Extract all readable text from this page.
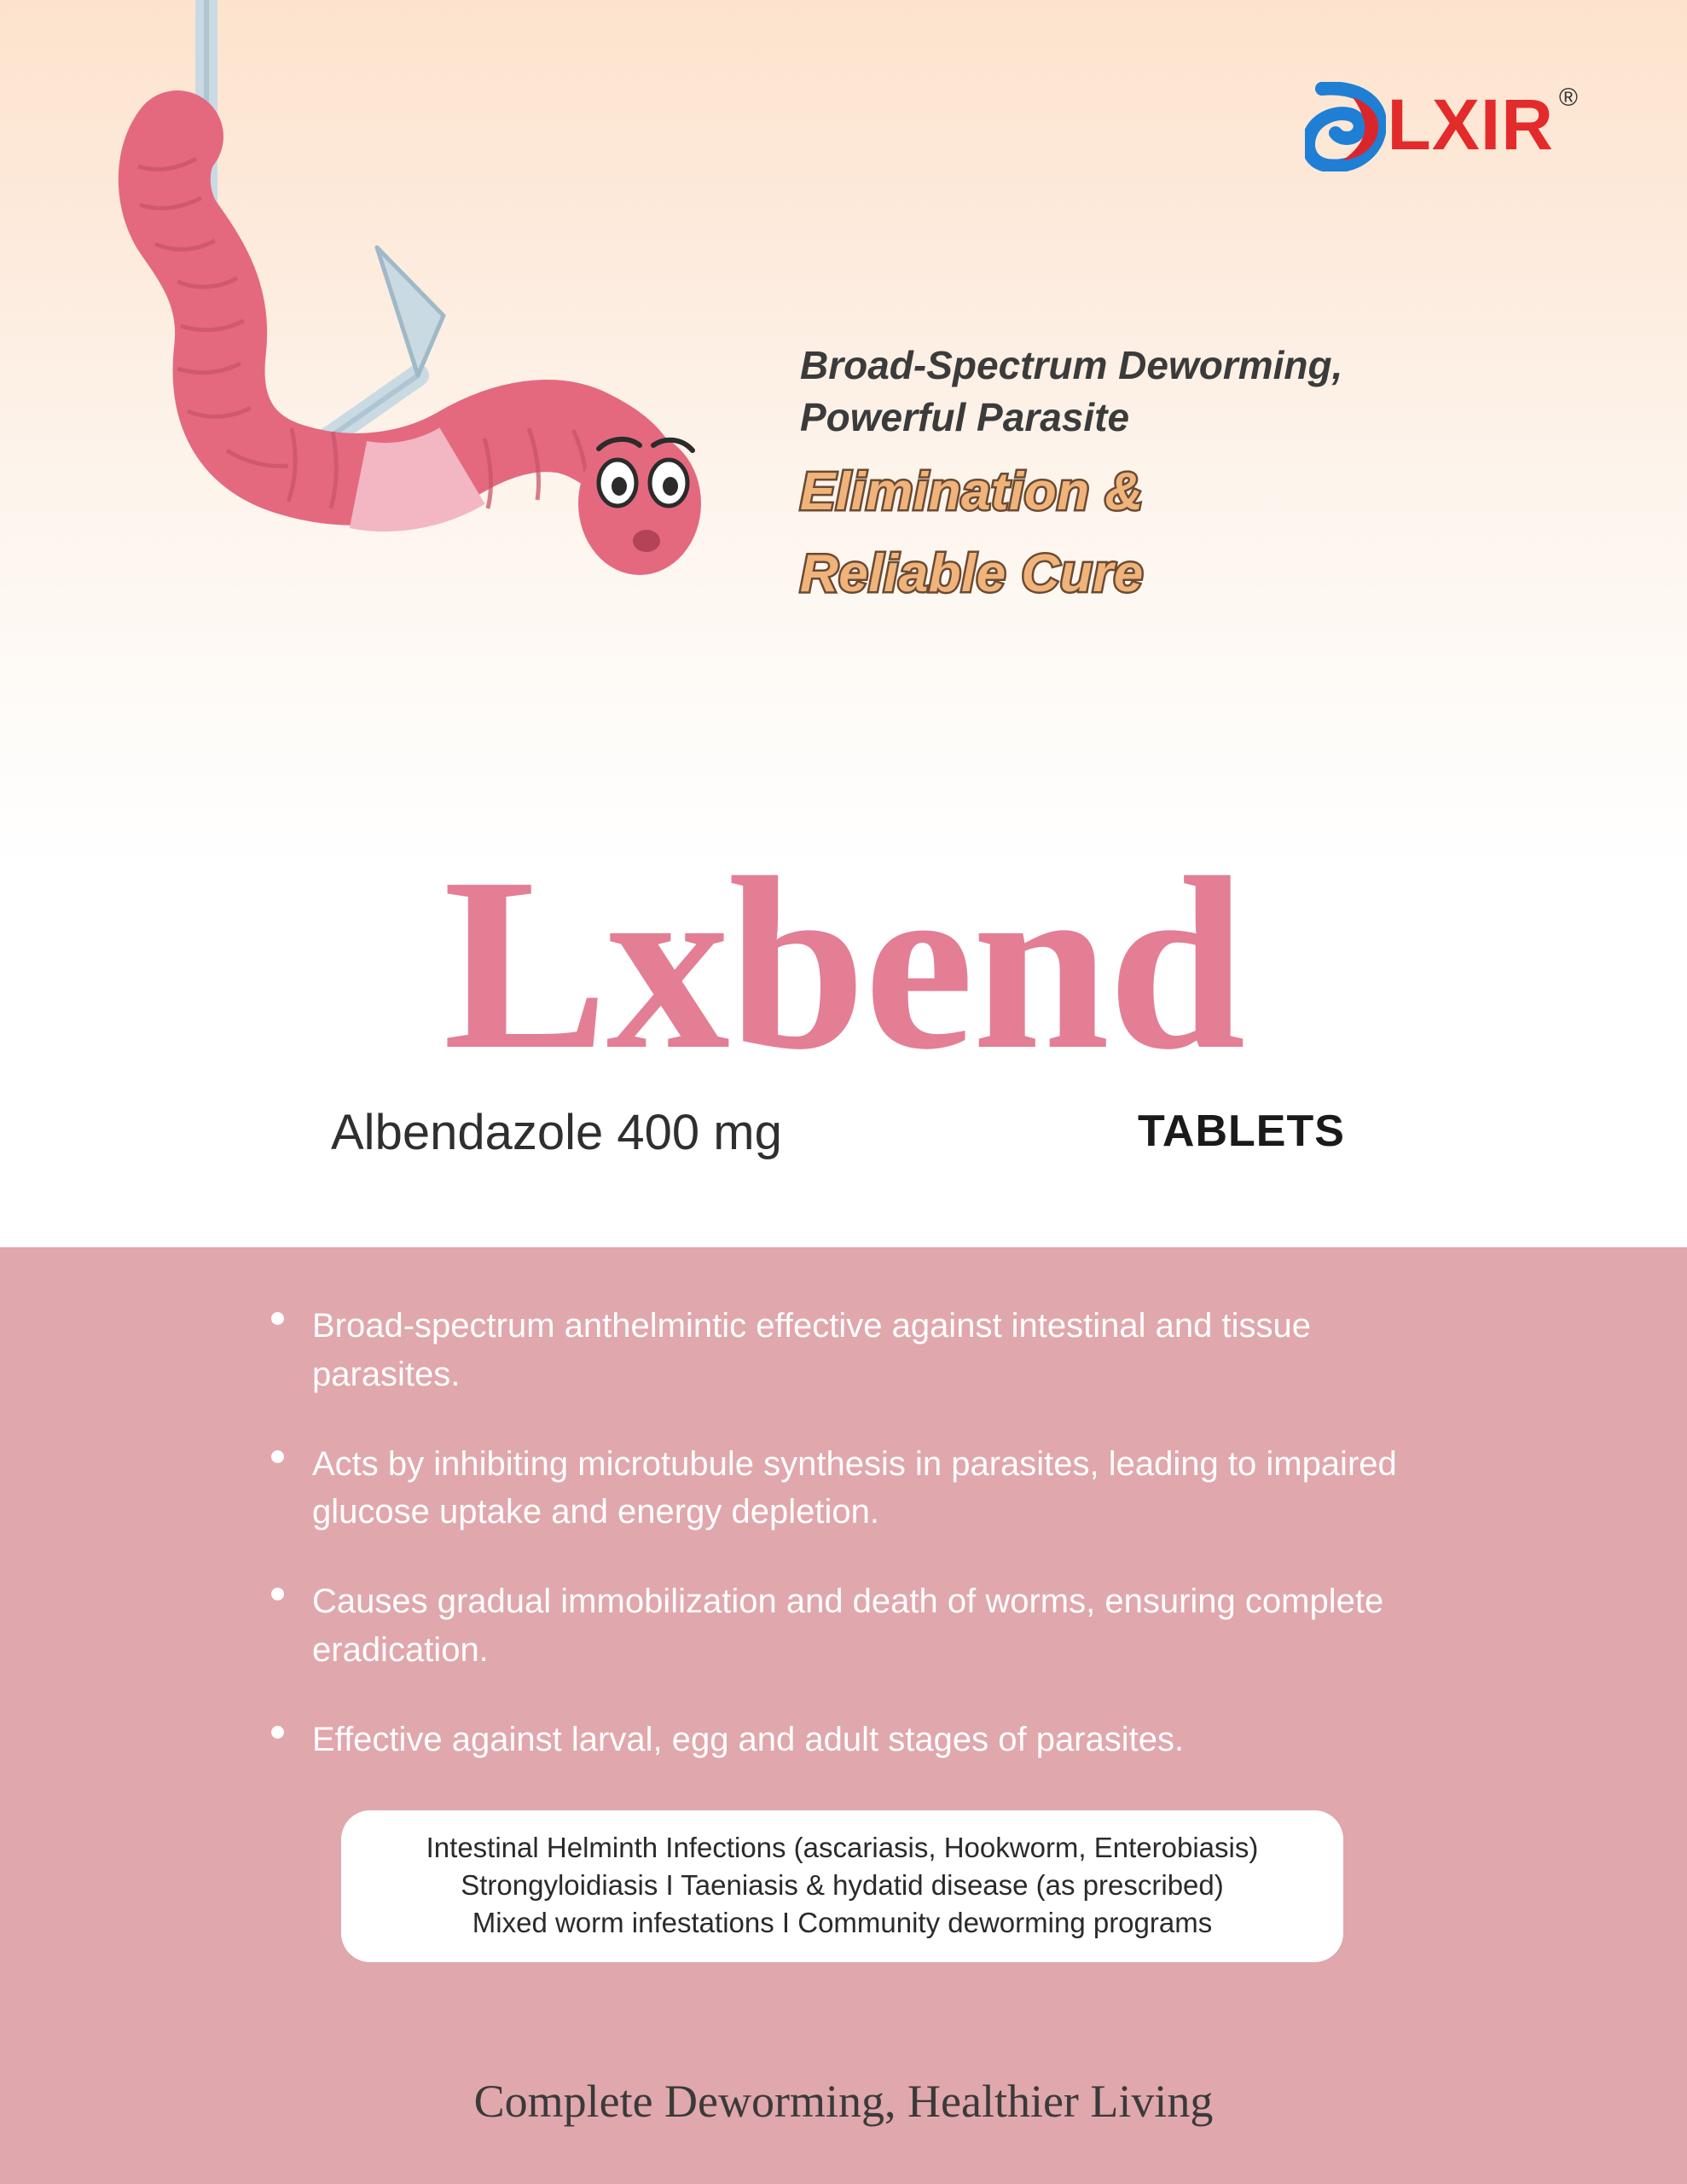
LXIR ®

Broad-Spectrum Deworming,

Powerful Parasite

Elimination &
Reliable Cure
Lxbend
Albendazole 400 mg	TABLETS

Broad-spectrum anthelmintic effective against intestinal and tissue parasites.

Acts by inhibiting microtubule synthesis in parasites, leading to impaired glucose uptake and energy depletion.

Causes gradual immobilization and death of worms, ensuring complete eradication.

Effective against larval, egg and adult stages of parasites.

Intestinal Helminth Infections (ascariasis, Hookworm, Enterobiasis)
Strongyloidiasis I Taeniasis & hydatid disease (as prescribed)
Mixed worm infestations I Community deworming programs
Complete Deworming, Healthier Living
